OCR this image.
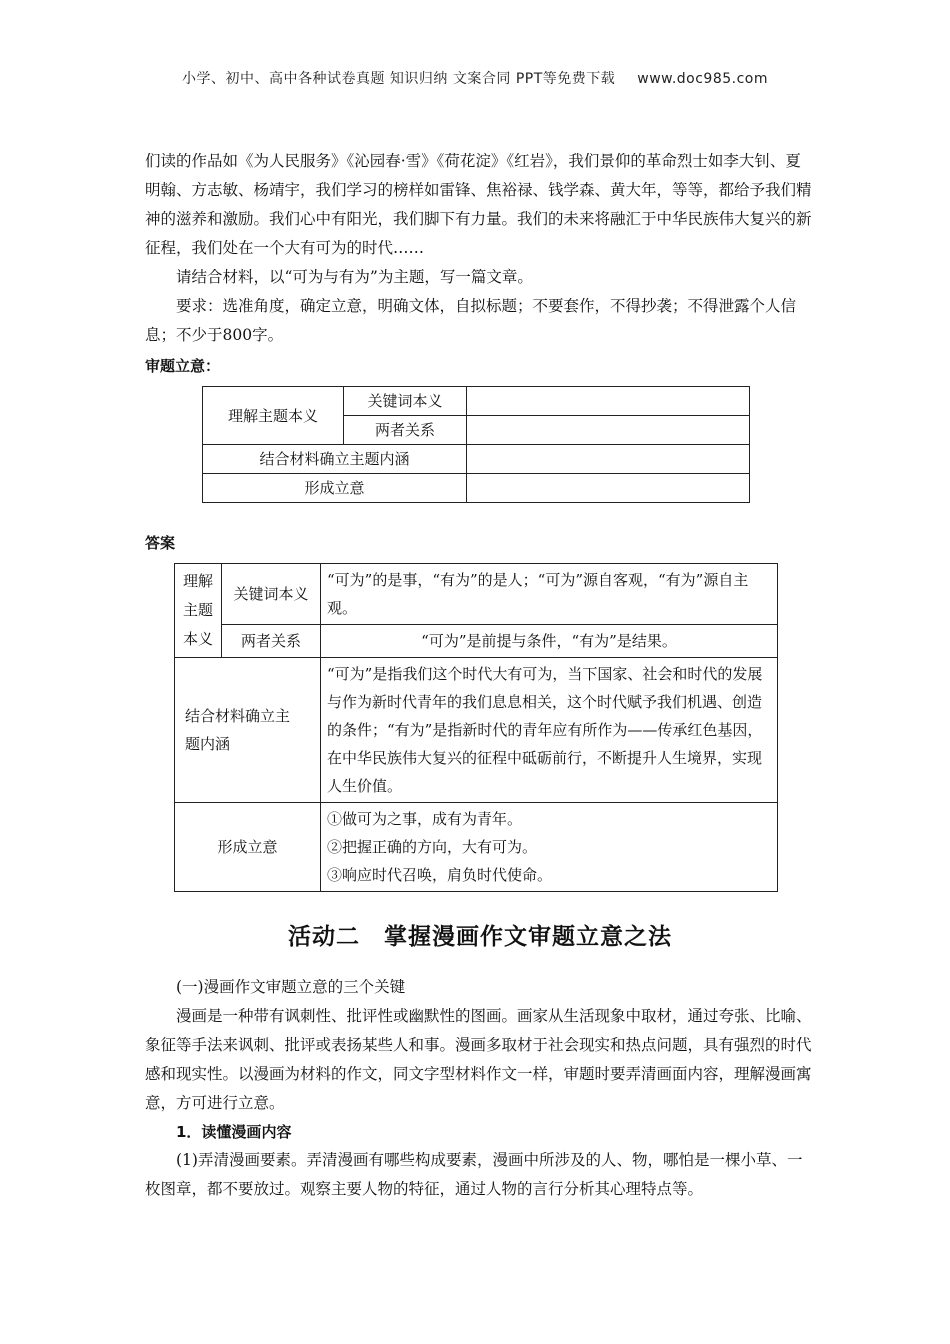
小学、初中、高中各种试卷真题 知识归纳 文案合同 PPT等免费下载 www.doc985.com

们读的作品如《为人民服务》《沁园春·雪》《荷花淀》《红岩》，我们景仰的革命烈士如李大钊、夏明翰、方志敏、杨靖宇，我们学习的榜样如雷锋、焦裕禄、钱学森、黄大年，等等，都给予我们精神的滋养和激励。我们心中有阳光，我们脚下有力量。我们的未来将融汇于中华民族伟大复兴的新征程，我们处在一个大有可为的时代……

请结合材料，以“可为与有为”为主题，写一篇文章。

要求：选准角度，确定立意，明确文体，自拟标题；不要套作，不得抄袭；不得泄露个人信息；不少于800字。

审题立意：

理解主题本义	关键词本义	
	两者关系	
结合材料确立主题内涵		
形成立意		

答案

理解主题本义	关键词本义	“可为”的是事，“有为”的是人；“可为”源自客观，“有为”源自主观。
	两者关系	“可为”是前提与条件，“有为”是结果。
结合材料确立主题内涵		“可为”是指我们这个时代大有可为，当下国家、社会和时代的发展与作为新时代青年的我们息息相关，这个时代赋予我们机遇、创造的条件；“有为”是指新时代的青年应有所作为——传承红色基因，在中华民族伟大复兴的征程中砥砺前行，不断提升人生境界，实现人生价值。
形成立意		①做可为之事，成有为青年。
②把握正确的方向，大有可为。
③响应时代召唤，肩负时代使命。
活动二　掌握漫画作文审题立意之法

(一)漫画作文审题立意的三个关键

漫画是一种带有讽刺性、批评性或幽默性的图画。画家从生活现象中取材，通过夸张、比喻、象征等手法来讽刺、批评或表扬某些人和事。漫画多取材于社会现实和热点问题，具有强烈的时代感和现实性。以漫画为材料的作文，同文字型材料作文一样，审题时要弄清画面内容，理解漫画寓意，方可进行立意。

1．读懂漫画内容

(1)弄清漫画要素。弄清漫画有哪些构成要素，漫画中所涉及的人、物，哪怕是一棵小草、一枚图章，都不要放过。观察主要人物的特征，通过人物的言行分析其心理特点等。
